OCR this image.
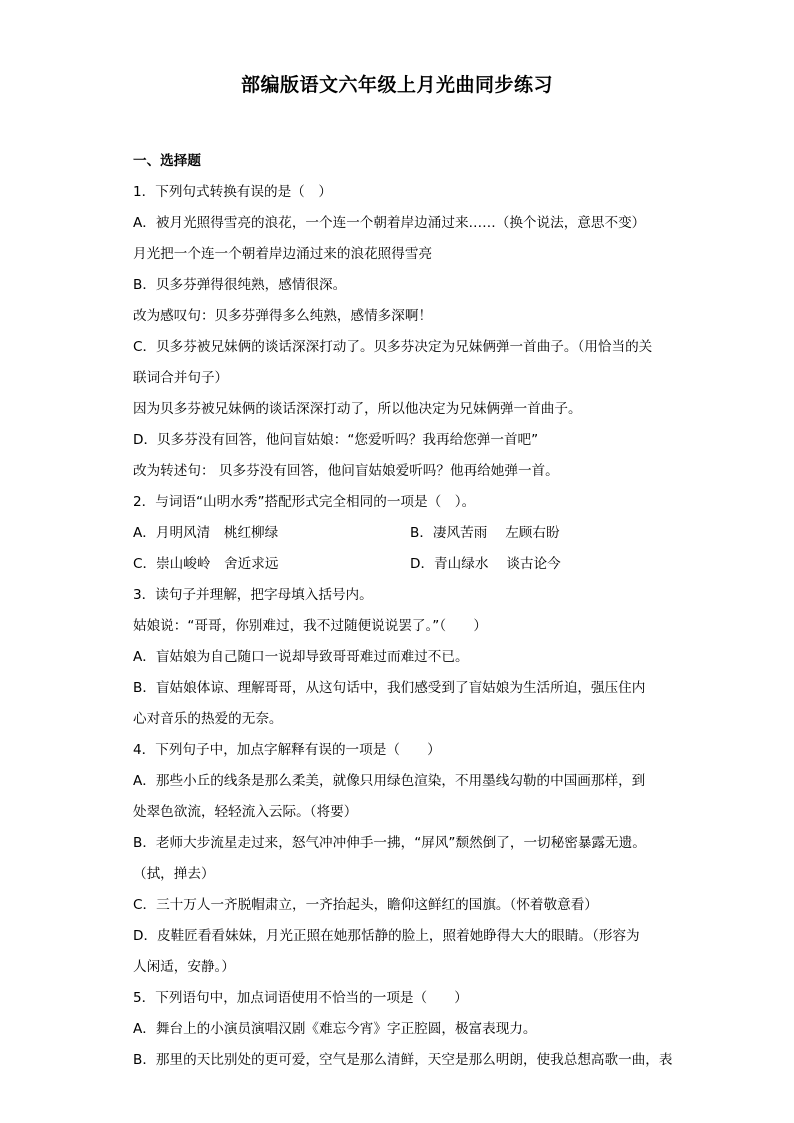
部编版语文六年级上月光曲同步练习
一、选择题
1．下列句式转换有误的是（　）
A．被月光照得雪亮的浪花，一个连一个朝着岸边涌过来……（换个说法，意思不变）
月光把一个连一个朝着岸边涌过来的浪花照得雪亮
B．贝多芬弹得很纯熟，感情很深。
改为感叹句：贝多芬弹得多么纯熟，感情多深啊！
C．贝多芬被兄妹俩的谈话深深打动了。贝多芬决定为兄妹俩弹一首曲子。（用恰当的关
联词合并句子）
因为贝多芬被兄妹俩的谈话深深打动了，所以他决定为兄妹俩弹一首曲子。
D．贝多芬没有回答，他问盲姑娘：“您爱听吗？我再给您弹一首吧”
改为转述句： 贝多芬没有回答，他问盲姑娘爱听吗？他再给她弹一首。
2．与词语“山明水秀”搭配形式完全相同的一项是（　）。
A．月明风清　桃红柳绿	B．凄风苦雨　 左顾右盼
C．崇山峻岭　舍近求远	D．青山绿水　 谈古论今
3．读句子并理解，把字母填入括号内。
姑娘说：“哥哥，你别难过，我不过随便说说罢了。”（　　）
A．盲姑娘为自己随口一说却导致哥哥难过而难过不已。
B．盲姑娘体谅、理解哥哥，从这句话中，我们感受到了盲姑娘为生活所迫，强压住内
心对音乐的热爱的无奈。
4．下列句子中，加点字解释有误的一项是（　　）
A．那些小丘的线条是那么柔美，就像只用绿色渲染，不用墨线勾勒的中国画那样，到
处翠色欲流，轻轻流入云际。（将要）
B．老师大步流星走过来，怒气冲冲伸手一拂，“屏风”颓然倒了，一切秘密暴露无遗。
（拭，掸去）
C．三十万人一齐脱帽肃立，一齐抬起头，瞻仰这鲜红的国旗。（怀着敬意看）
D．皮鞋匠看看妹妹，月光正照在她那恬静的脸上，照着她睁得大大的眼睛。（形容为
人闲适，安静。）
5．下列语句中，加点词语使用不恰当的一项是（　　）
A．舞台上的小演员演唱汉剧《难忘今宵》字正腔圆，极富表现力。
B．那里的天比别处的更可爱，空气是那么清鲜，天空是那么明朗，使我总想高歌一曲，表
